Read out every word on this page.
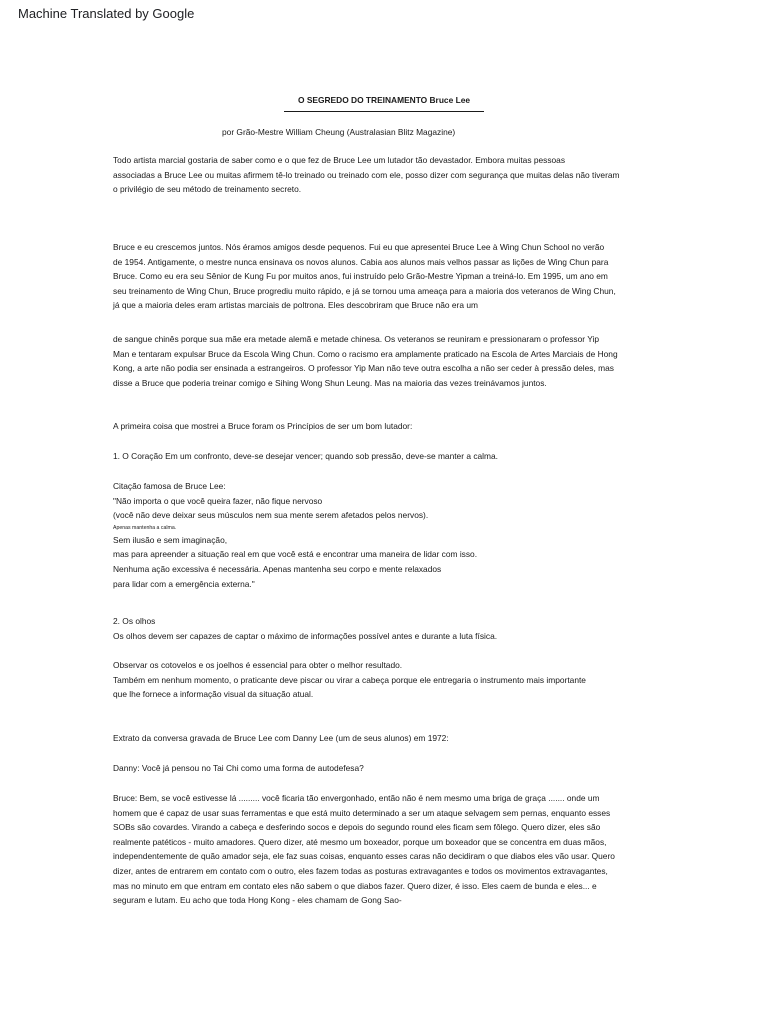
Machine Translated by Google
O SEGREDO DO TREINAMENTO Bruce Lee
por Grão-Mestre William Cheung (Australasian Blitz Magazine)
Todo artista marcial gostaria de saber como e o que fez de Bruce Lee um lutador tão devastador. Embora muitas pessoas
associadas a Bruce Lee ou muitas afirmem tê-lo treinado ou treinado com ele, posso dizer com segurança que muitas delas não tiveram
o privilégio de seu método de treinamento secreto.
Bruce e eu crescemos juntos. Nós éramos amigos desde pequenos. Fui eu que apresentei Bruce Lee à Wing Chun School no verão
de 1954. Antigamente, o mestre nunca ensinava os novos alunos. Cabia aos alunos mais velhos passar as lições de Wing Chun para
Bruce. Como eu era seu Sênior de Kung Fu por muitos anos, fui instruído pelo Grão-Mestre Yipman a treiná-lo. Em 1995, um ano em
seu treinamento de Wing Chun, Bruce progrediu muito rápido, e já se tornou uma ameaça para a maioria dos veteranos de Wing Chun,
já que a maioria deles eram artistas marciais de poltrona. Eles descobriram que Bruce não era um
de sangue chinês porque sua mãe era metade alemã e metade chinesa. Os veteranos se reuniram e pressionaram o professor Yip
Man e tentaram expulsar Bruce da Escola Wing Chun. Como o racismo era amplamente praticado na Escola de Artes Marciais de Hong
Kong, a arte não podia ser ensinada a estrangeiros. O professor Yip Man não teve outra escolha a não ser ceder à pressão deles, mas
disse a Bruce que poderia treinar comigo e Sihing Wong Shun Leung. Mas na maioria das vezes treinávamos juntos.
A primeira coisa que mostrei a Bruce foram os Princípios de ser um bom lutador:
1. O Coração Em um confronto, deve-se desejar vencer; quando sob pressão, deve-se manter a calma.
Citação famosa de Bruce Lee:
"Não importa o que você queira fazer, não fique nervoso
(você não deve deixar seus músculos nem sua mente serem afetados pelos nervos).
Apenas mantenha a calma.
Sem ilusão e sem imaginação,
mas para apreender a situação real em que você está e encontrar uma maneira de lidar com isso.
Nenhuma ação excessiva é necessária. Apenas mantenha seu corpo e mente relaxados
para lidar com a emergência externa."
2. Os olhos
Os olhos devem ser capazes de captar o máximo de informações possível antes e durante a luta física.
Observar os cotovelos e os joelhos é essencial para obter o melhor resultado.
Também em nenhum momento, o praticante deve piscar ou virar a cabeça porque ele entregaria o instrumento mais importante
que lhe fornece a informação visual da situação atual.
Extrato da conversa gravada de Bruce Lee com Danny Lee (um de seus alunos) em 1972:
Danny: Você já pensou no Tai Chi como uma forma de autodefesa?
Bruce: Bem, se você estivesse lá ......... você ficaria tão envergonhado, então não é nem mesmo uma briga de graça ....... onde um
homem que é capaz de usar suas ferramentas e que está muito determinado a ser um ataque selvagem sem pernas, enquanto esses
SOBs são covardes. Virando a cabeça e desferindo socos e depois do segundo round eles ficam sem fôlego. Quero dizer, eles são
realmente patéticos - muito amadores. Quero dizer, até mesmo um boxeador, porque um boxeador que se concentra em duas mãos,
independentemente de quão amador seja, ele faz suas coisas, enquanto esses caras não decidiram o que diabos eles vão usar. Quero
dizer, antes de entrarem em contato com o outro, eles fazem todas as posturas extravagantes e todos os movimentos extravagantes,
mas no minuto em que entram em contato eles não sabem o que diabos fazer. Quero dizer, é isso. Eles caem de bunda e eles... e
seguram e lutam. Eu acho que toda Hong Kong - eles chamam de Gong Sao-
